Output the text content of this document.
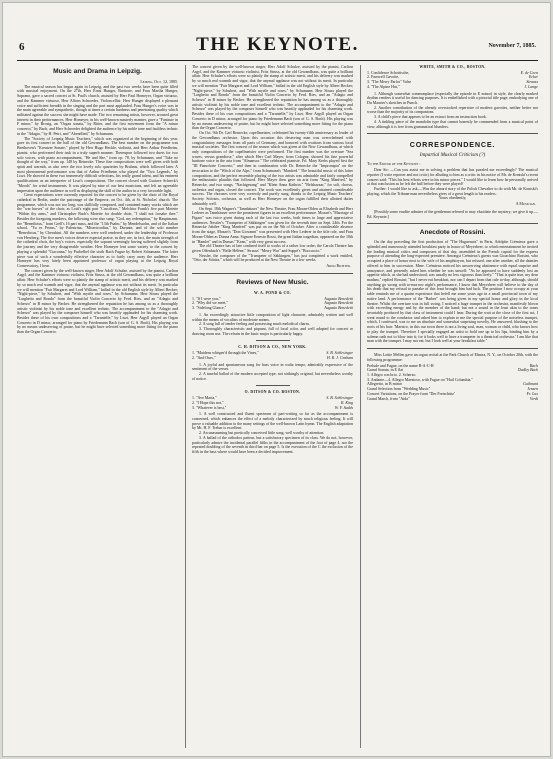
6	THE KEYNOTE.	November 7, 1885.
Music and Drama in Leipzig.

Leipzig, Oct. 12, 1885.

The musical season has begun again in Leipzig, and the past two weeks have been quite filled with musical enjoyment. On the 27th, Herr Ernst Hunger, Baritone, and Frau Martha Hunger, Soprano, gave a sacred concert at St. Paul's church, assisted by Herr Paul Homeyer, Organ virtuoso, and the Kammer virtuoso, Herr Alfons Schroeder, Violoncellist. Herr Hunger displayed a pleasant voice and sufficient breadth in the singing and the part most applauded. Frau Hunger's voice was in the main agreeable and sympathetic, though at times a certain hardness and penetrating quality which militated against the success she might have made. The two remaining artists, however, aroused great interest in their performances. Herr Homeyer, in his well-known masterly manner, gave a "Fantasie in F minor," by Brosig, an "Organ sonata," by Ritter, and the first movement from the "A minor concerto," by Bach, and Herr Schroeder delighted the audience by his noble tone and faultless technic in the "Adagio," by H. Petri, and "Abendlied," by Schumann.

The "Society of Leipzig Music Teachers," which was organized at the beginning of this year, gave its first concert in the hall of the old Gewandhaus. The best number on the programme was Beethoven's "Kreutzer Sonate," played by Herr Hugo Heckle, violinist, and Herr Arthur Friedheim, pianist, who performed their task in a truly superb manner. Thereupon followed two duets for two solo voices, with piano accompaniment, "He and She," from op. 78, by Schumann, and "Take no thought of the way," from op. 148 by Reinecke. These fine compositions were well given with both spirit and warmth, as also were the two lovely solo quartettes by Brahms, which followed later. A most phenomenal performance was that of Arthur Friedheim who played the "Two Legends," by Liszt. He showed in these two immensely difficult selections, his really grand talent, and his eminent qualifications as an interpreter of Liszt's compositions. The concert closed with Gustave Schreck's "Moods" for wind instruments. It was played by nine of our best musicians, and left an agreeable impression upon the audience as well as displaying the skill of the author in a very favorable light.

Great expectations were currently reported for the concert to be given by the choir of the Royal cathedral in Berlin, under the patronage of the Emperor, on Oct. 4th, at St. Nicholas' church. The programme, which was not too long, was skillfully composed, and contained many works which are the "war horses" of the choir, as Lotti's eight part "Crucifixus," Melchior Frank's five part Motette "Within thy arms," and Christopher Bach's Motette for double choir, "I shall not forsake thee." Besides the foregoing numbers, the following were also sung: "God, my redemption," by Hauptmann, the "Benedictus," from Grell's 16 part mass, and the "13th Psalm," by Mendelssohn, and of the Italian school, "Tu es Petrus," by Palestrina, "Misericordias," by Durante, and of the solo number "Benedictus," by Cherubini. All the numbers were well rendered, under the leadership of Professor von Herzberg. The five men's voices deserve especial praise, as they are, in fact, the main strength of the cathedral choir, the boy's voices, especially the soprani seemingly having suffered slightly from the journey and the very disagreeable weather. Herr Homeyer lent some variety to the concert by playing a splendid "Ciaconna," by Pachelbel the sixth Bach Fugue by Robert Schumann. The latter piece was of such a wonderfully effective character as to fairly carry away the audience. Herr Homeyer has very lately been appointed professor of organ playing at the Leipzig Royal Conservatory, I hear.

The concert given by the well-known singer, Herr Adolf Schulze, assisted by the pianist, Carlton Argyl, and the Kammer virtuoso violinist, Fritz Struss, at the old Gewandhaus, was quite a brilliant affair. Herr Schulze's efforts were so plainly the stamp of artistic merit, and his delivery was marked by so much real warmth and vigor, that the anymal applause was not without its merit. In particular we will mention "Fair Margaret and Lord William," ballad in the old English style by Albert Becker; "Night-piece," by Schubert, and "With myrtle and roses," by Schumann. Herr Struss played the "Larghetto and Rondo" from the beautiful Violin Concerto by Ferd. Ries, and an "Adagio and Scherzo" in B minor by Becker. He strengthened the reputation he has among us as a thoroughly artistic violinist by his noble tone and excellent technic. The accompaniment to the "Adagio and Scherzo" was played by the composer himself who was heartily applauded for his charming work. Besides these of his own compositions and a "Tarantelle," by Liszt, Herr Argyll played an Organ Concerto in D minor, arranged for piano by Friedemann Bach (son of G. S. Bach). His playing was by no means undeserving of praise, but he might have selected something more fitting for the piano than the Organ Concerto.

The concert given by the well-known singer, Herr Adolf Schulze, assisted by the pianist, Carlton Argyl, and the Kammer virtuoso violinist, Fritz Struss, at the old Gewandhaus, was quite a brilliant affair. Herr Schulze's efforts were so plainly the stamp of artistic merit, and his delivery was marked by so much real warmth and vigor, that the anymal applause was not without its merit. In particular we will mention "Fair Margaret and Lord William," ballad in the old English style by Albert Becker; "Night-piece," by Schubert, and "With myrtle and roses," by Schumann. Herr Struss played the "Larghetto and Rondo" from the beautiful Violin Concerto by Ferd. Ries, and an "Adagio and Scherzo" in B minor by Becker. He strengthened the reputation he has among us as a thoroughly artistic violinist by his noble tone and excellent technic. The accompaniment to the "Adagio and Scherzo" was played by the composer himself who was heartily applauded for his charming work. Besides these of his own compositions and a "Tarantelle," by Liszt, Herr Argyll played an Organ Concerto in D minor, arranged for piano by Friedemann Bach (son of G. S. Bach). His playing was by no means undeserving of praise, but he might have selected something more fitting for the piano than the Organ Concerto.

On Oct. 9th Dr. Carl Reinecke, capellmeister, celebrated his twenty-fifth anniversary as leader of the Gewandhaus orchestra. Upon this occasion this deserving man was overwhelmed with congratulatory messages from all parts of Germany, and honored with ovations from various local musical societies. The first concert of the season which was given at the New Gewandhaus, at which only compositions of the capellmeister were performed. The first number was the overture "Sea waves, versus grandiose," after which Herr Carl Mayer, from Cologne, showed his fine powerful baritone voice in the aria from "Almansor." The celebrated pianiste, Frl. Mary Krebs played first the "III Pianoforte Concerto," and then in combination with Dr. Reinecke the "Impromptu" on the invocation to the "Witch of the Alps," from Schumann's "Manfred." The beautiful music of this latter composition, and the perfect ensemble playing of the two artists was admirable and fairly compelled the enthusiastic plaudits that followed. Herr Mayer then gave an aria from "King Manfred," by Reinecke, and two songs, "Nachtgesang" and "Klein Anna Kathrin." "Belshazzar," for soli, chorus, orchestra and organ, closed the concert. The work was excellently given and attained considerable success. The choruses were very correctly and purely sung, thanks to the Leipzig Music Teachers' Society. Soloists, orchestra, as well as Herr Homeyer on the organ fulfilled their allotted duties admirably well.

On Sept. 18th Wagner's "Tannhäuser" the New Theatre, Frau Moran-Olden as Elisabeth and Herr Lederer as Tannhäuser were the prominent figures in an excellent performance. Mozart's "Marriage of Figaro" was twice given during each of the last two weeks, both times to large and appreciative audiences. Nessler's "Trompeter of Säkkingen" was given for the seventh time on Sept. 24th. For the Reinecke Jubilee "King Manfred" was put on on the 9th of October. After a considerable absence from the stage, Mozart's "Don Giovanni" was presented with Herr Lederer in the title role, and Frau Moran-Olden as Donna Anna. Signore Ernesto Rossi, the great Italian tragedian, appeared on the 10th in "Hamlet" and in Dumas' "Kean," with very great success.

The old Theatre has of late confined itself to works of a rather low order; the Carola Theatre has given Offenbach's "Belle Hélène," Strauss' "Merry War" and Suppé's "Boccaccio."

Nessler, the composer of the "Trumpeter of Säkkingen," has just completed a work entitled, "Otto, der Schütz," which will be produced at the New Theatre in a few weeks.

Arno Richter.

Reviews of New Music.
W. A. POND & CO.
1. "If I were you,"	Augusto Benedetti
2. "Why did we meet,"	Augusto Benedetti
3. "Sidelong Glance,"	Augusto Benedetti

1. An exceedingly attractive little composition of light character, admirably written and well within the means of vocalists of moderate means.

2. A song full of tender feeling and possessing much melodical charm.

3. Thoroughly characteristic and piquant, full of local color, and well adapted for concert or drawing room use. The refrain in the basic major is particularly happy.

C. H. DITSON & CO., NEW YORK.
1. "Maidens whisper'd through the Vines,"	S. B. Schlesinger
2. "And Ours,"	H. R. J. Graham

1. A joyful and spontaneous song for bass voice in waltz tempo, admirably expressive of the sentiment of the verses.

2. A tuneful ballad of the modern accepted type, not strikingly original, but nevertheless worthy of notice.

O. DITSON & CO. BOSTON.
1. "Ave Maria,"	S. B. Schlesinger
2. "I Hope this not,"	R. King
3. "Whatever is best,"	W. F. Sudds

1. A well constructed and fluent specimen of part-writing so far as the accompaniment is concerned, which enhances the effect of a melody characterized by much religious feeling. It will prove a valuable addition to the many settings of the well-known Latin hymn. The English adaptation by Mr. H. F. Trebar is excellent.

2. An unassuming but poetically conceived little song, well worthy of attention.

3. A ballad of the orthodox pattern, but a satisfactory specimen of its class. We do not, however, particularly admire the incidental parallel fifths in the accompaniment of the foot of page 4, nor the repeated doubling of the seventh in third bar on page 5. Is the execution of the C the exclusion of the fifth in the bass where would have been a decided improvement.

WHITE, SMITH & CO., BOSTON.
1. Confidence Schottische,	E. de Coen
2. Farewell Gavotte,	Ecker
3. "The Merry Parlor" Valse	Strauss
4. "The Alpine Hut,"	J. Lange

1. Although somewhat commonplace (especially the episode in E minor) in style, the clearly marked rhythm renders it useful for dancing purposes. It is embellished with a pictorial title page, embodying one of Du Maurier's sketches in Punch.

2. Another contribution of the already overstocked repertoire of modern gavottes, neither better nor worse than the majority of its companions.

3. A child's piece that appears to be an extract from an instruction book.

4. A tinkling piece of the mandolin type that cannot honestly be commended from a musical point of view, although it is free from grammatical blunders.

CORRESPONDENCE.
Impartial Musical Criticism (?)

To the Editor of the Keynote :

Dear Sir: —Can you assist me in solving a problem that has puzzled me exceedingly? The musical reporter (I write reporter and not critic) for alluding to him as a critic in his notice of Mr. de Kontski's recent concert said: "This his best efforts were in his minor pieces." I would like to learn how he personally arrived at that conclusion as he left the hall before they were played?

Further: I would like to ask,—Was the absurd story of the Polish Chevalier to do with Mr. de Kontski's playing, which the Tribune man nevertheless gives of a great length to his readers.

Yours obediently,

A Musician.

[Possibly some erudite admirer of the gentleman referred to may elucidate the mystery; we give it up.—Ed. Keynote.]

Anecdote of Rossini.

On the day preceding the first production of "The Huguenots" in Paris, Adolphe Crémieux gave a splendid and numerously attended breakfast party in honor of Meyerbeer, to which entertainment he invited the leading musical critics and composers of that day, assembled in the French capital for the express purpose of attending the long-expected premiere. Amongst Crémieux's guests was Gioachino Rossini, who occupied a place of honor next to the wife of his amphitryon, but refused, one after another, all the dainties offered to him in succession. Mme. Crémieux noticed his unswerving abstinence with equal surprise and annoyance, and presently asked him whether he was unwell: "As he appeared to have suddenly lost an appetite which, as she had understood, was usually no less vigorous than lively." "That is quite true, my dear madam," replied Rossini; "but I never eat breakfast, nor can I depart from that rule to-day, although, should anything go wrong with to-morrow night's performance, I know that Meyerbeer will believe to the day of his death that my refusal to partake of this feast brought him bad luck. The position I now occupy at your table reminds me of a quaint experience that befell me some years ago in a small provincial town of my native land. A performance of the "Barber" was being given in my special honor and glory in the local theatre. Whilst the overture was in full swing, I noticed a huge trumpet in the orchestra, manifestly blown with exceeding energy and by the member of the band; but not a sound in the least akin to the tones invariably produced by that class of instrument could I hear. During the wait at the close of the first act, I went round to the conductor and asked him to explain to me the special purpose of the noiseless trumpet, which, I confessed, was to me an absolute and somewhat surprising novelty. He answered, blushing to the roots of his hair: 'Maestro, in this our town there is not a living soul, man, woman or child, who knows how to play the trumpet. Therefore I specially engaged an artist to hold one up to his lips, binding him by a solemn oath not to blow into it; for it looks well to have a trumpeter in a theatrical orchestra.' I am like that man with the trumpet. I may not eat; but I look well at your breakfast table."

Miss Lottie Mellen gave an organ recital at the Park Church of Elmira, N. Y., on October 20th, with the following programme:

Prelude and Fugue, on the name B-A-C-H	Bach
Grand Sonata, in E flat	Dudley Buck
1. Allegro con brio. 2. Scherzo.
3. Andante—4. Allegro Maestoso, with Fugue on "Hail Columbia."
Allegretto, in B minor	Guilmant
Grand Selection from "Wedding Music"	Jensen
Concert Variations, on the Prayer from "Der Freischütz"	Fr. Lux
Grand March, from "Aida"	Verdi
